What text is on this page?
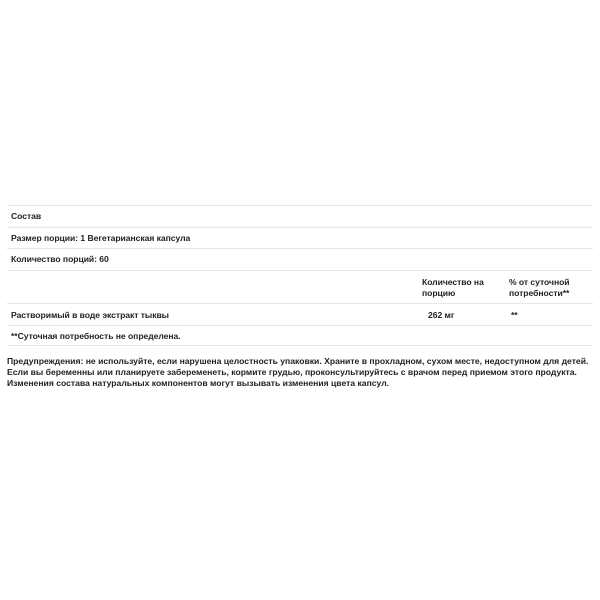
Состав
Размер порции: 1 Вегетарианская капсула
Количество порций: 60
Количество на порцию
% от суточной потребности**
Растворимый в воде экстракт тыквы	262 мг	**
**Суточная потребность не определена.
Предупреждения: не используйте, если нарушена целостность упаковки. Храните в прохладном, сухом месте, недоступном для детей. Если вы беременны или планируете забеременеть, кормите грудью, проконсультируйтесь с врачом перед приемом этого продукта. Изменения состава натуральных компонентов могут вызывать изменения цвета капсул.
